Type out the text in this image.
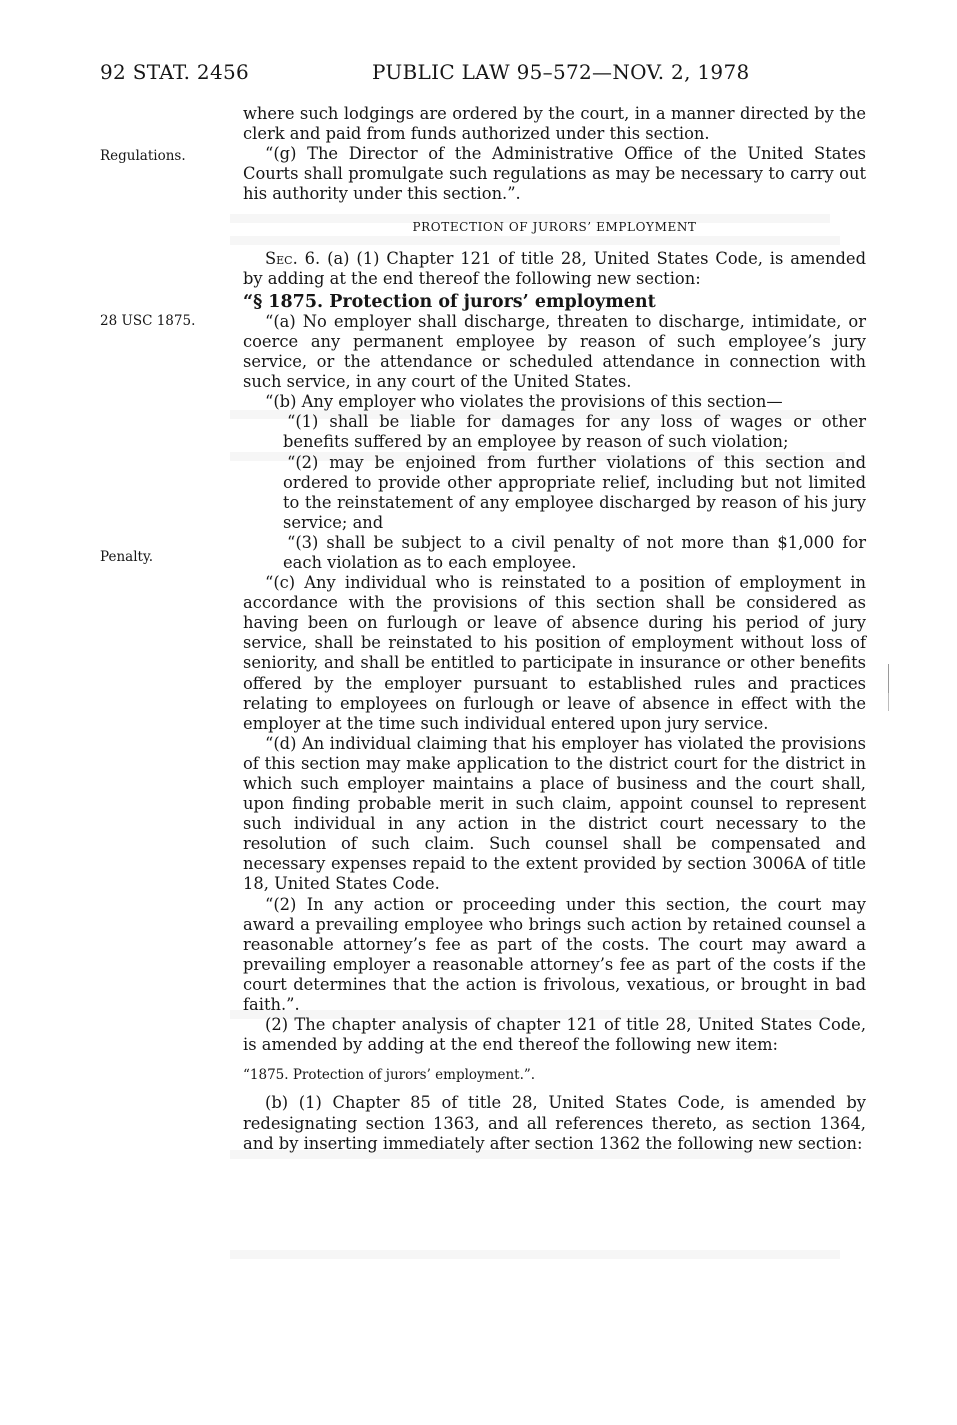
92 STAT. 2456	PUBLIC LAW 95–572—NOV. 2, 1978
Regulations.
28 USC 1875.
Penalty.

where such lodgings are ordered by the court, in a manner directed by the clerk and paid from funds authorized under this section.

“(g) The Director of the Administrative Office of the United States Courts shall promulgate such regulations as may be necessary to carry out his authority under this section.”.

PROTECTION OF JURORS’ EMPLOYMENT

Sec. 6. (a) (1) Chapter 121 of title 28, United States Code, is amended by adding at the end thereof the following new section:

“§ 1875. Protection of jurors’ employment

“(a) No employer shall discharge, threaten to discharge, intimidate, or coerce any permanent employee by reason of such employee’s jury service, or the attendance or scheduled attendance in connection with such service, in any court of the United States.

“(b) Any employer who violates the provisions of this section—

“(1) shall be liable for damages for any loss of wages or other benefits suffered by an employee by reason of such violation;

“(2) may be enjoined from further violations of this section and ordered to provide other appropriate relief, including but not limited to the reinstatement of any employee discharged by reason of his jury service; and

“(3) shall be subject to a civil penalty of not more than $1,000 for each violation as to each employee.

“(c) Any individual who is reinstated to a position of employment in accordance with the provisions of this section shall be considered as having been on furlough or leave of absence during his period of jury service, shall be reinstated to his position of employment without loss of seniority, and shall be entitled to participate in insurance or other benefits offered by the employer pursuant to established rules and practices relating to employees on furlough or leave of absence in effect with the employer at the time such individual entered upon jury service.

“(d) An individual claiming that his employer has violated the provisions of this section may make application to the district court for the district in which such employer maintains a place of business and the court shall, upon finding probable merit in such claim, appoint counsel to represent such individual in any action in the district court necessary to the resolution of such claim. Such counsel shall be compensated and necessary expenses repaid to the extent provided by section 3006A of title 18, United States Code.

“(2) In any action or proceeding under this section, the court may award a prevailing employee who brings such action by retained counsel a reasonable attorney’s fee as part of the costs. The court may award a prevailing employer a reasonable attorney’s fee as part of the costs if the court determines that the action is frivolous, vexatious, or brought in bad faith.”.

(2) The chapter analysis of chapter 121 of title 28, United States Code, is amended by adding at the end thereof the following new item:

“1875. Protection of jurors’ employment.”.

(b) (1) Chapter 85 of title 28, United States Code, is amended by redesignating section 1363, and all references thereto, as section 1364, and by inserting immediately after section 1362 the following new section:
